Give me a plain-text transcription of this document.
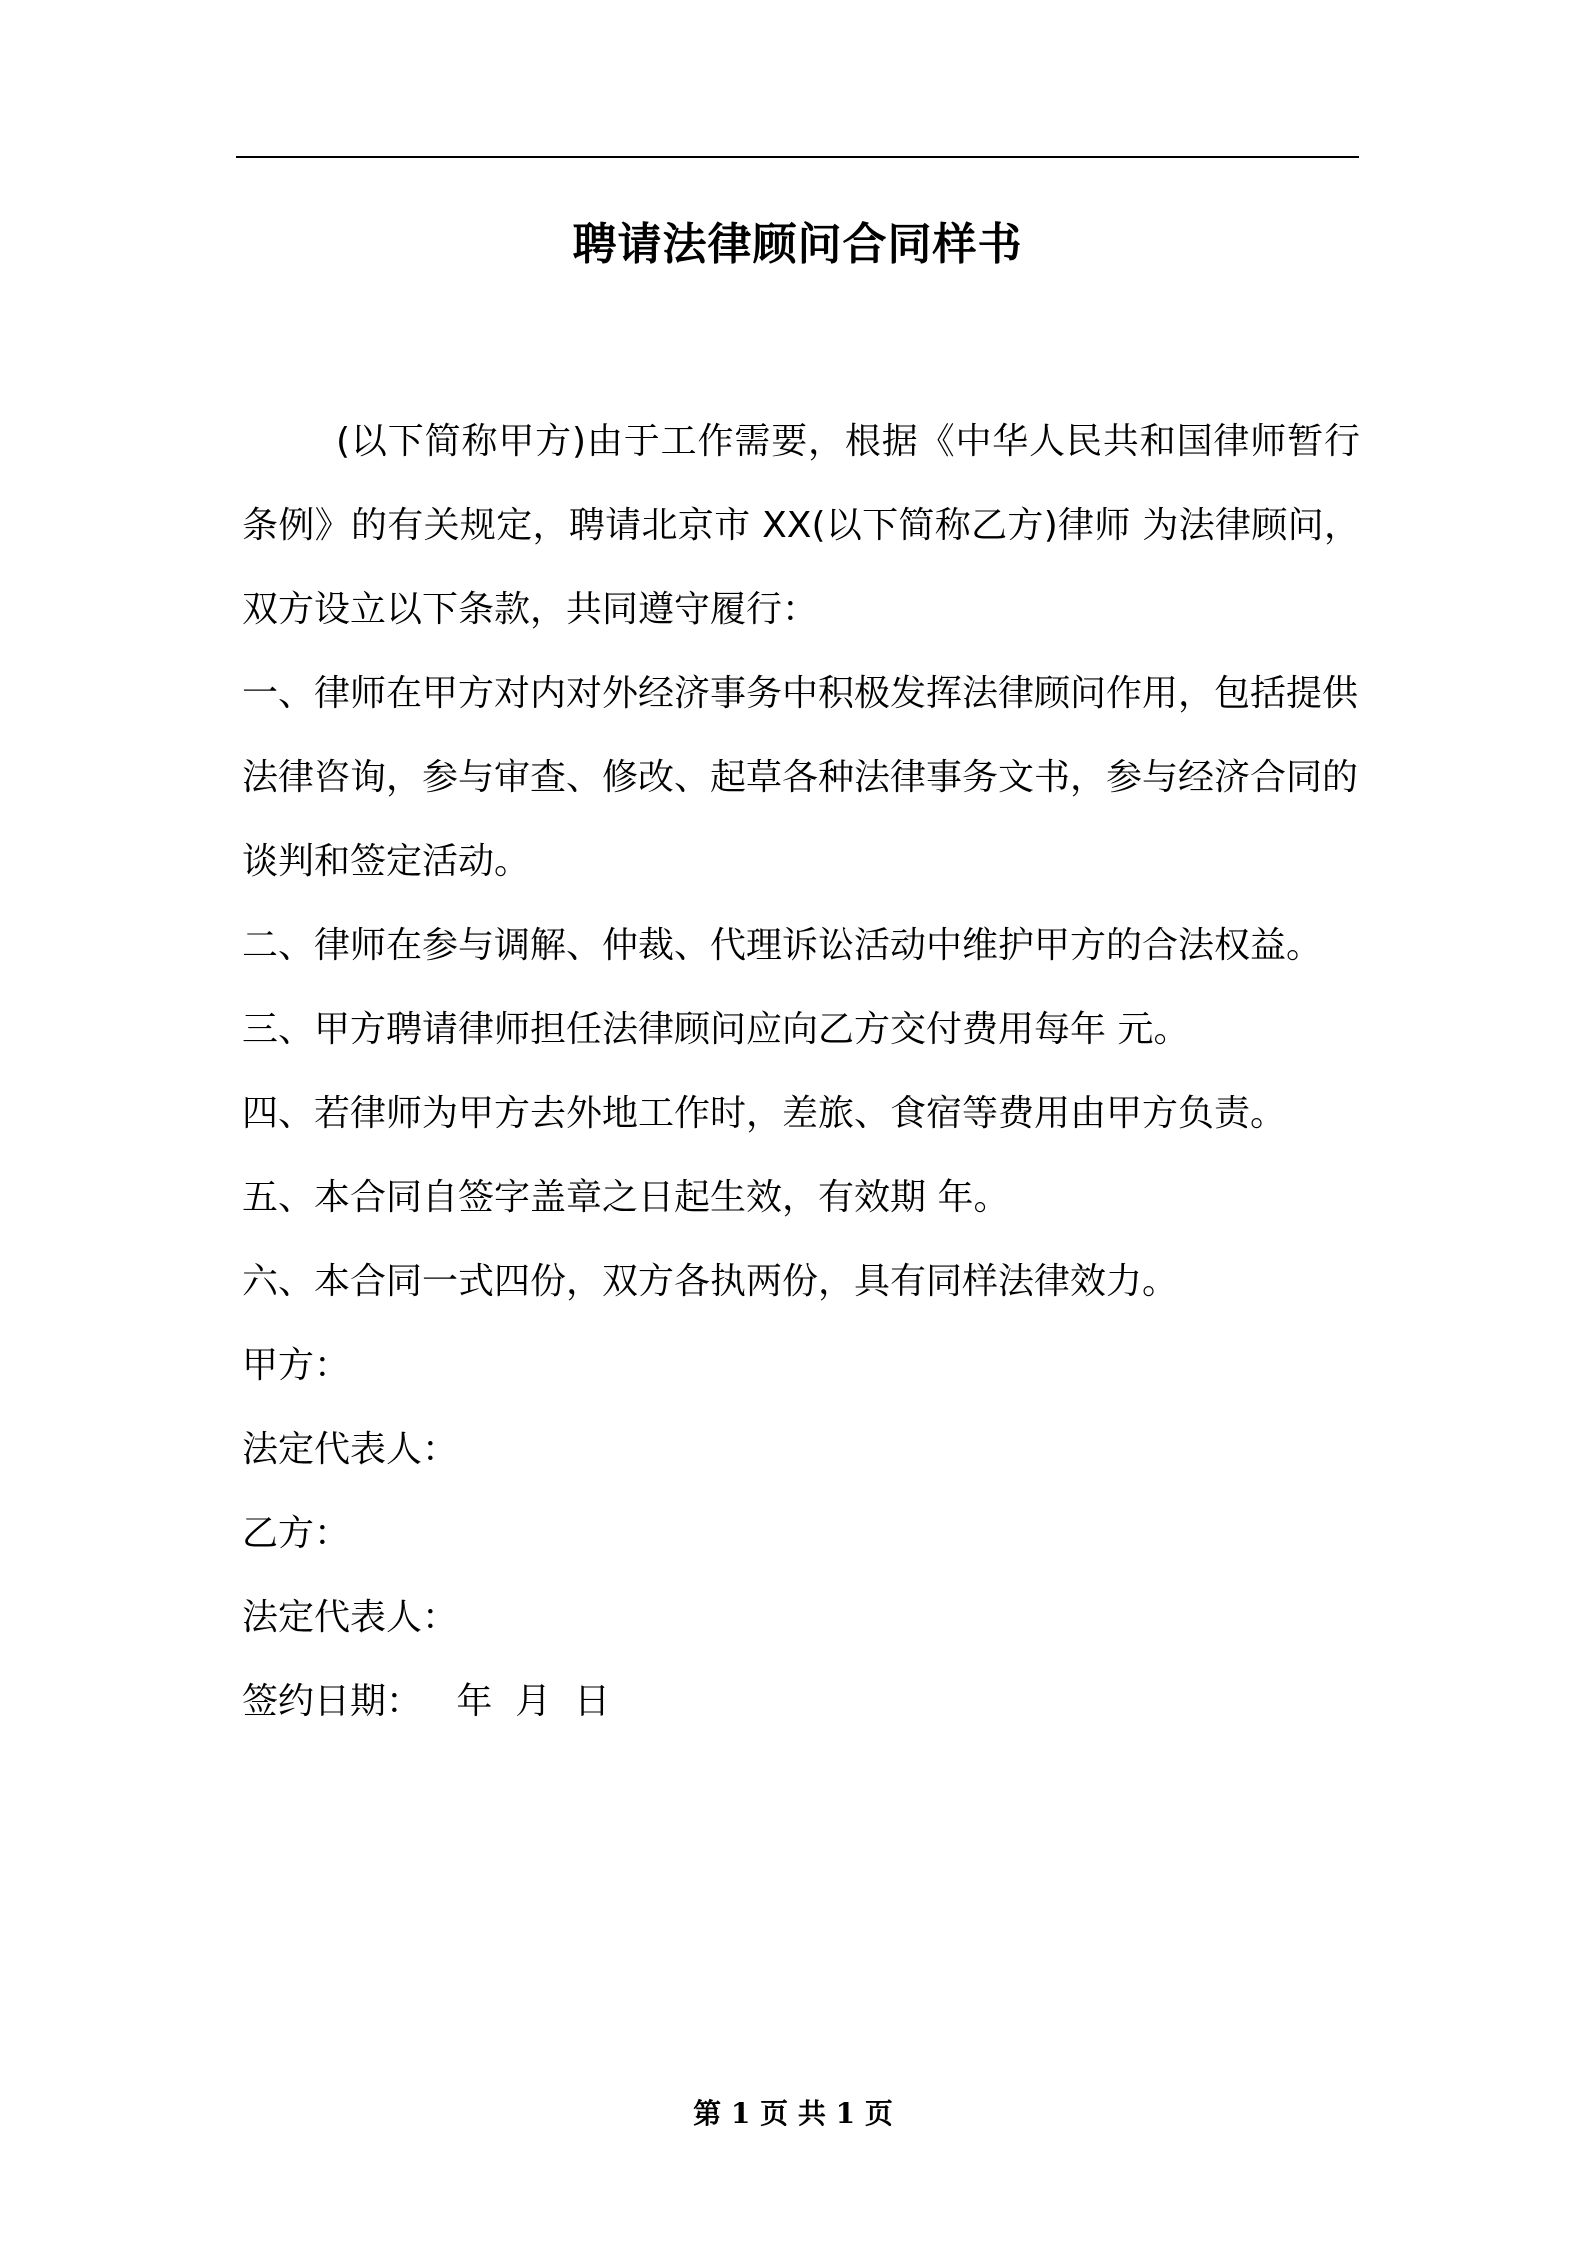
聘请法律顾问合同样书

(以下简称甲方)由于工作需要，根据《中华人民共和国律师暂行条例》的有关规定，聘请北京市 XX(以下简称乙方)律师 为法律顾问，双方设立以下条款，共同遵守履行：

一、律师在甲方对内对外经济事务中积极发挥法律顾问作用，包括提供法律咨询，参与审查、修改、起草各种法律事务文书，参与经济合同的谈判和签定活动。

二、律师在参与调解、仲裁、代理诉讼活动中维护甲方的合法权益。

三、甲方聘请律师担任法律顾问应向乙方交付费用每年 元。

四、若律师为甲方去外地工作时，差旅、食宿等费用由甲方负责。

五、本合同自签字盖章之日起生效，有效期 年。

六、本合同一式四份，双方各执两份，具有同样法律效力。

甲方：

法定代表人：

乙方：

法定代表人：

签约日期：   年  月  日

第 1 页 共 1 页
